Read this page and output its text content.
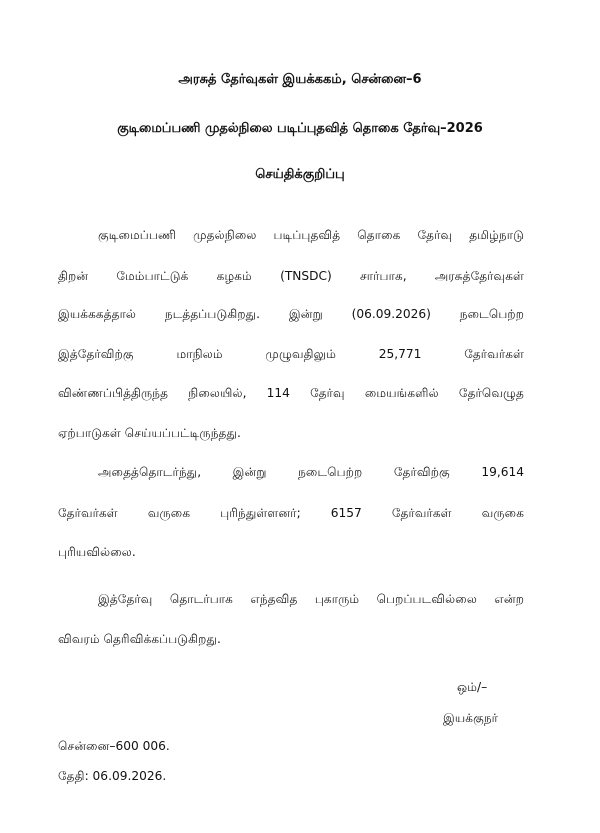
அரசுத் தேர்வுகள் இயக்ககம், சென்னை–6
குடிமைப்பணி முதல்நிலை படிப்புதவித் தொகை தேர்வு–2026
செய்திக்குறிப்பு
குடிமைப்பணி முதல்நிலை படிப்புதவித் தொகை தேர்வு தமிழ்நாடு
திறன் மேம்பாட்டுக் கழகம் (TNSDC) சார்பாக, அரசுத்தேர்வுகள்
இயக்ககத்தால் நடத்தப்படுகிறது. இன்று (06.09.2026) நடைபெற்ற
இத்தேர்விற்கு மாநிலம் முழுவதிலும் 25,771 தேர்வர்கள்
விண்ணப்பித்திருந்த நிலையில், 114 தேர்வு மையங்களில் தேர்வெழுத
ஏற்பாடுகள் செய்யப்பட்டிருந்தது.
அதைத்தொடர்ந்து, இன்று நடைபெற்ற தேர்விற்கு 19,614
தேர்வர்கள் வருகை புரிந்துள்ளனர்; 6157 தேர்வர்கள் வருகை
புரியவில்லை.
இத்தேர்வு தொடர்பாக எந்தவித புகாரும் பெறப்படவில்லை என்ற
விவரம் தெரிவிக்கப்படுகிறது.
ஒம்/–
இயக்குநர்
சென்னை–600 006.
தேதி: 06.09.2026.
